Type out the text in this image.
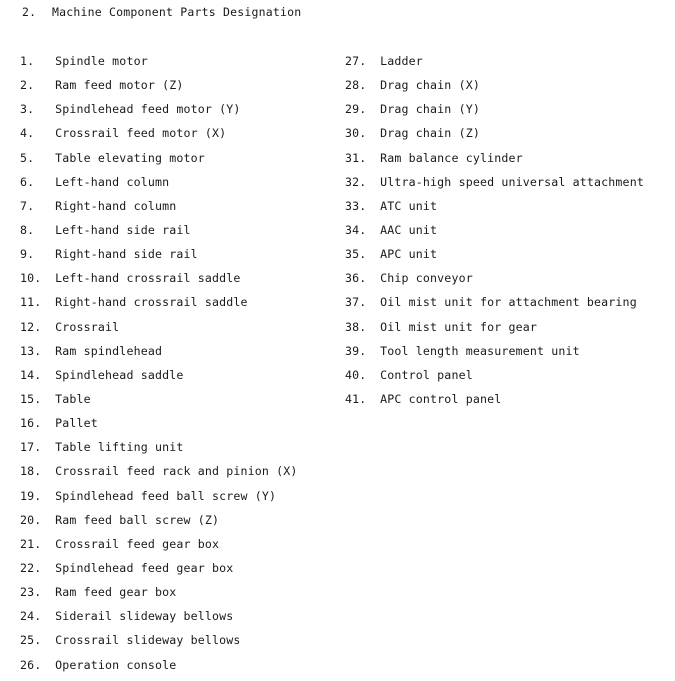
2. Machine Component Parts Designation
1. Spindle motor
2. Ram feed motor (Z)
3. Spindlehead feed motor (Y)
4. Crossrail feed motor (X)
5. Table elevating motor
6. Left-hand column
7. Right-hand column
8. Left-hand side rail
9. Right-hand side rail
10. Left-hand crossrail saddle
11. Right-hand crossrail saddle
12. Crossrail
13. Ram spindlehead
14. Spindlehead saddle
15. Table
16. Pallet
17. Table lifting unit
18. Crossrail feed rack and pinion (X)
19. Spindlehead feed ball screw (Y)
20. Ram feed ball screw (Z)
21. Crossrail feed gear box
22. Spindlehead feed gear box
23. Ram feed gear box
24. Siderail slideway bellows
25. Crossrail slideway bellows
26. Operation console
27. Ladder
28. Drag chain (X)
29. Drag chain (Y)
30. Drag chain (Z)
31. Ram balance cylinder
32. Ultra-high speed universal attachment
33. ATC unit
34. AAC unit
35. APC unit
36. Chip conveyor
37. Oil mist unit for attachment bearing
38. Oil mist unit for gear
39. Tool length measurement unit
40. Control panel
41. APC control panel
